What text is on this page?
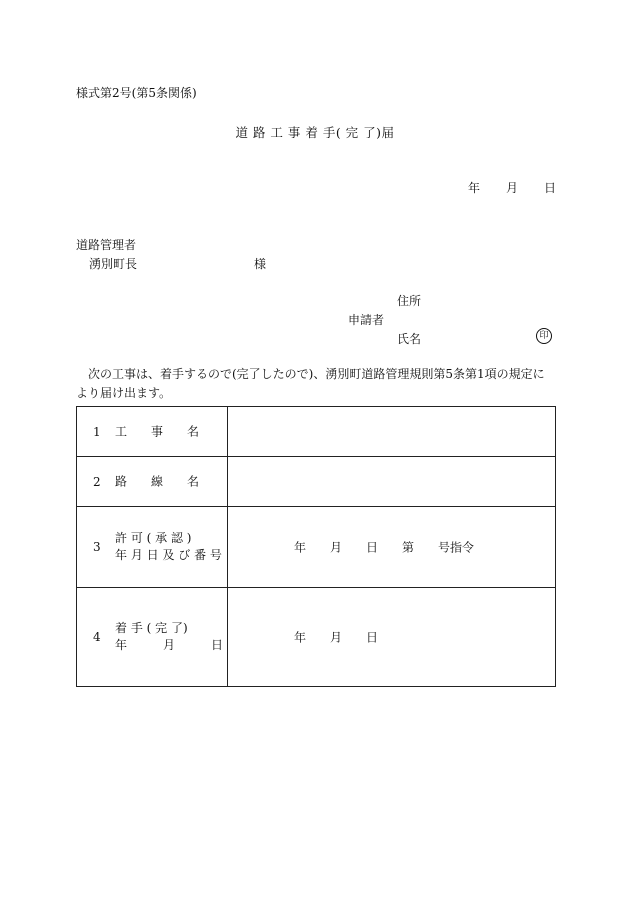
様式第2号(第5条関係)
道 路 工 事 着 手( 完 了)届
年 月 日
道路管理者
湧別町長	様
住所
申請者
氏名	印
次の工事は、着手するので(完了したので)、湧別町道路管理規則第5条第1項の規定により届け出ます。
1 工　　事　　名	

2 路　　線　　名	

3
許 可 ( 承 認 )
年 月 日 及 び 番 号	年　　月　　日　　第　　号指令

4
着 手 ( 完 了)
年　　　月　　　日	年　　月　　日
